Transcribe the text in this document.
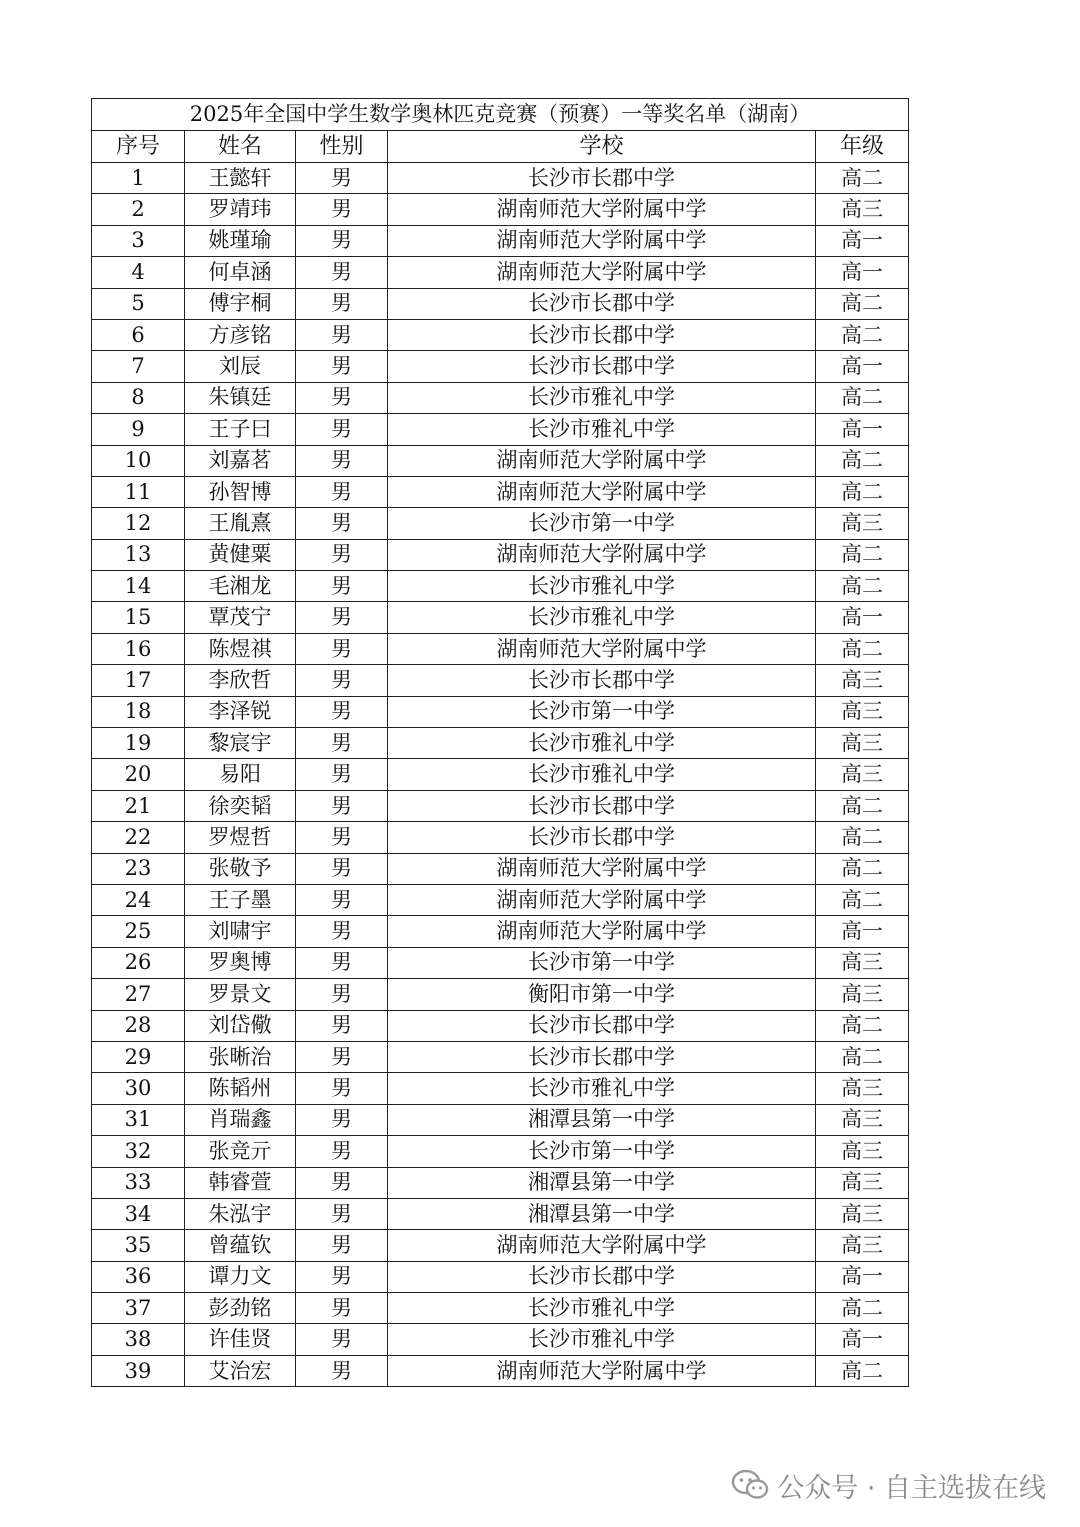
2025年全国中学生数学奥林匹克竞赛（预赛）一等奖名单（湖南）				
序号	姓名	性别	学校	年级
1	王懿轩	男	长沙市长郡中学	高二
2	罗靖玮	男	湖南师范大学附属中学	高三
3	姚瑾瑜	男	湖南师范大学附属中学	高一
4	何卓涵	男	湖南师范大学附属中学	高一
5	傅宇桐	男	长沙市长郡中学	高二
6	方彦铭	男	长沙市长郡中学	高二
7	刘辰	男	长沙市长郡中学	高一
8	朱镇廷	男	长沙市雅礼中学	高二
9	王子曰	男	长沙市雅礼中学	高一
10	刘嘉茗	男	湖南师范大学附属中学	高二
11	孙智博	男	湖南师范大学附属中学	高二
12	王胤熹	男	长沙市第一中学	高三
13	黄健粟	男	湖南师范大学附属中学	高二
14	毛湘龙	男	长沙市雅礼中学	高二
15	覃茂宁	男	长沙市雅礼中学	高一
16	陈煜祺	男	湖南师范大学附属中学	高二
17	李欣哲	男	长沙市长郡中学	高三
18	李泽锐	男	长沙市第一中学	高三
19	黎宸宇	男	长沙市雅礼中学	高三
20	易阳	男	长沙市雅礼中学	高三
21	徐奕韬	男	长沙市长郡中学	高二
22	罗煜哲	男	长沙市长郡中学	高二
23	张敬予	男	湖南师范大学附属中学	高二
24	王子墨	男	湖南师范大学附属中学	高二
25	刘啸宇	男	湖南师范大学附属中学	高一
26	罗奥博	男	长沙市第一中学	高三
27	罗景文	男	衡阳市第一中学	高三
28	刘岱儆	男	长沙市长郡中学	高二
29	张晰治	男	长沙市长郡中学	高二
30	陈韬州	男	长沙市雅礼中学	高三
31	肖瑞鑫	男	湘潭县第一中学	高三
32	张竞亓	男	长沙市第一中学	高三
33	韩睿萱	男	湘潭县第一中学	高三
34	朱泓宇	男	湘潭县第一中学	高三
35	曾蕴钦	男	湖南师范大学附属中学	高三
36	谭力文	男	长沙市长郡中学	高一
37	彭劲铭	男	长沙市雅礼中学	高二
38	许佳贤	男	长沙市雅礼中学	高一
39	艾治宏	男	湖南师范大学附属中学	高二
公众号 · 自主选拔在线
